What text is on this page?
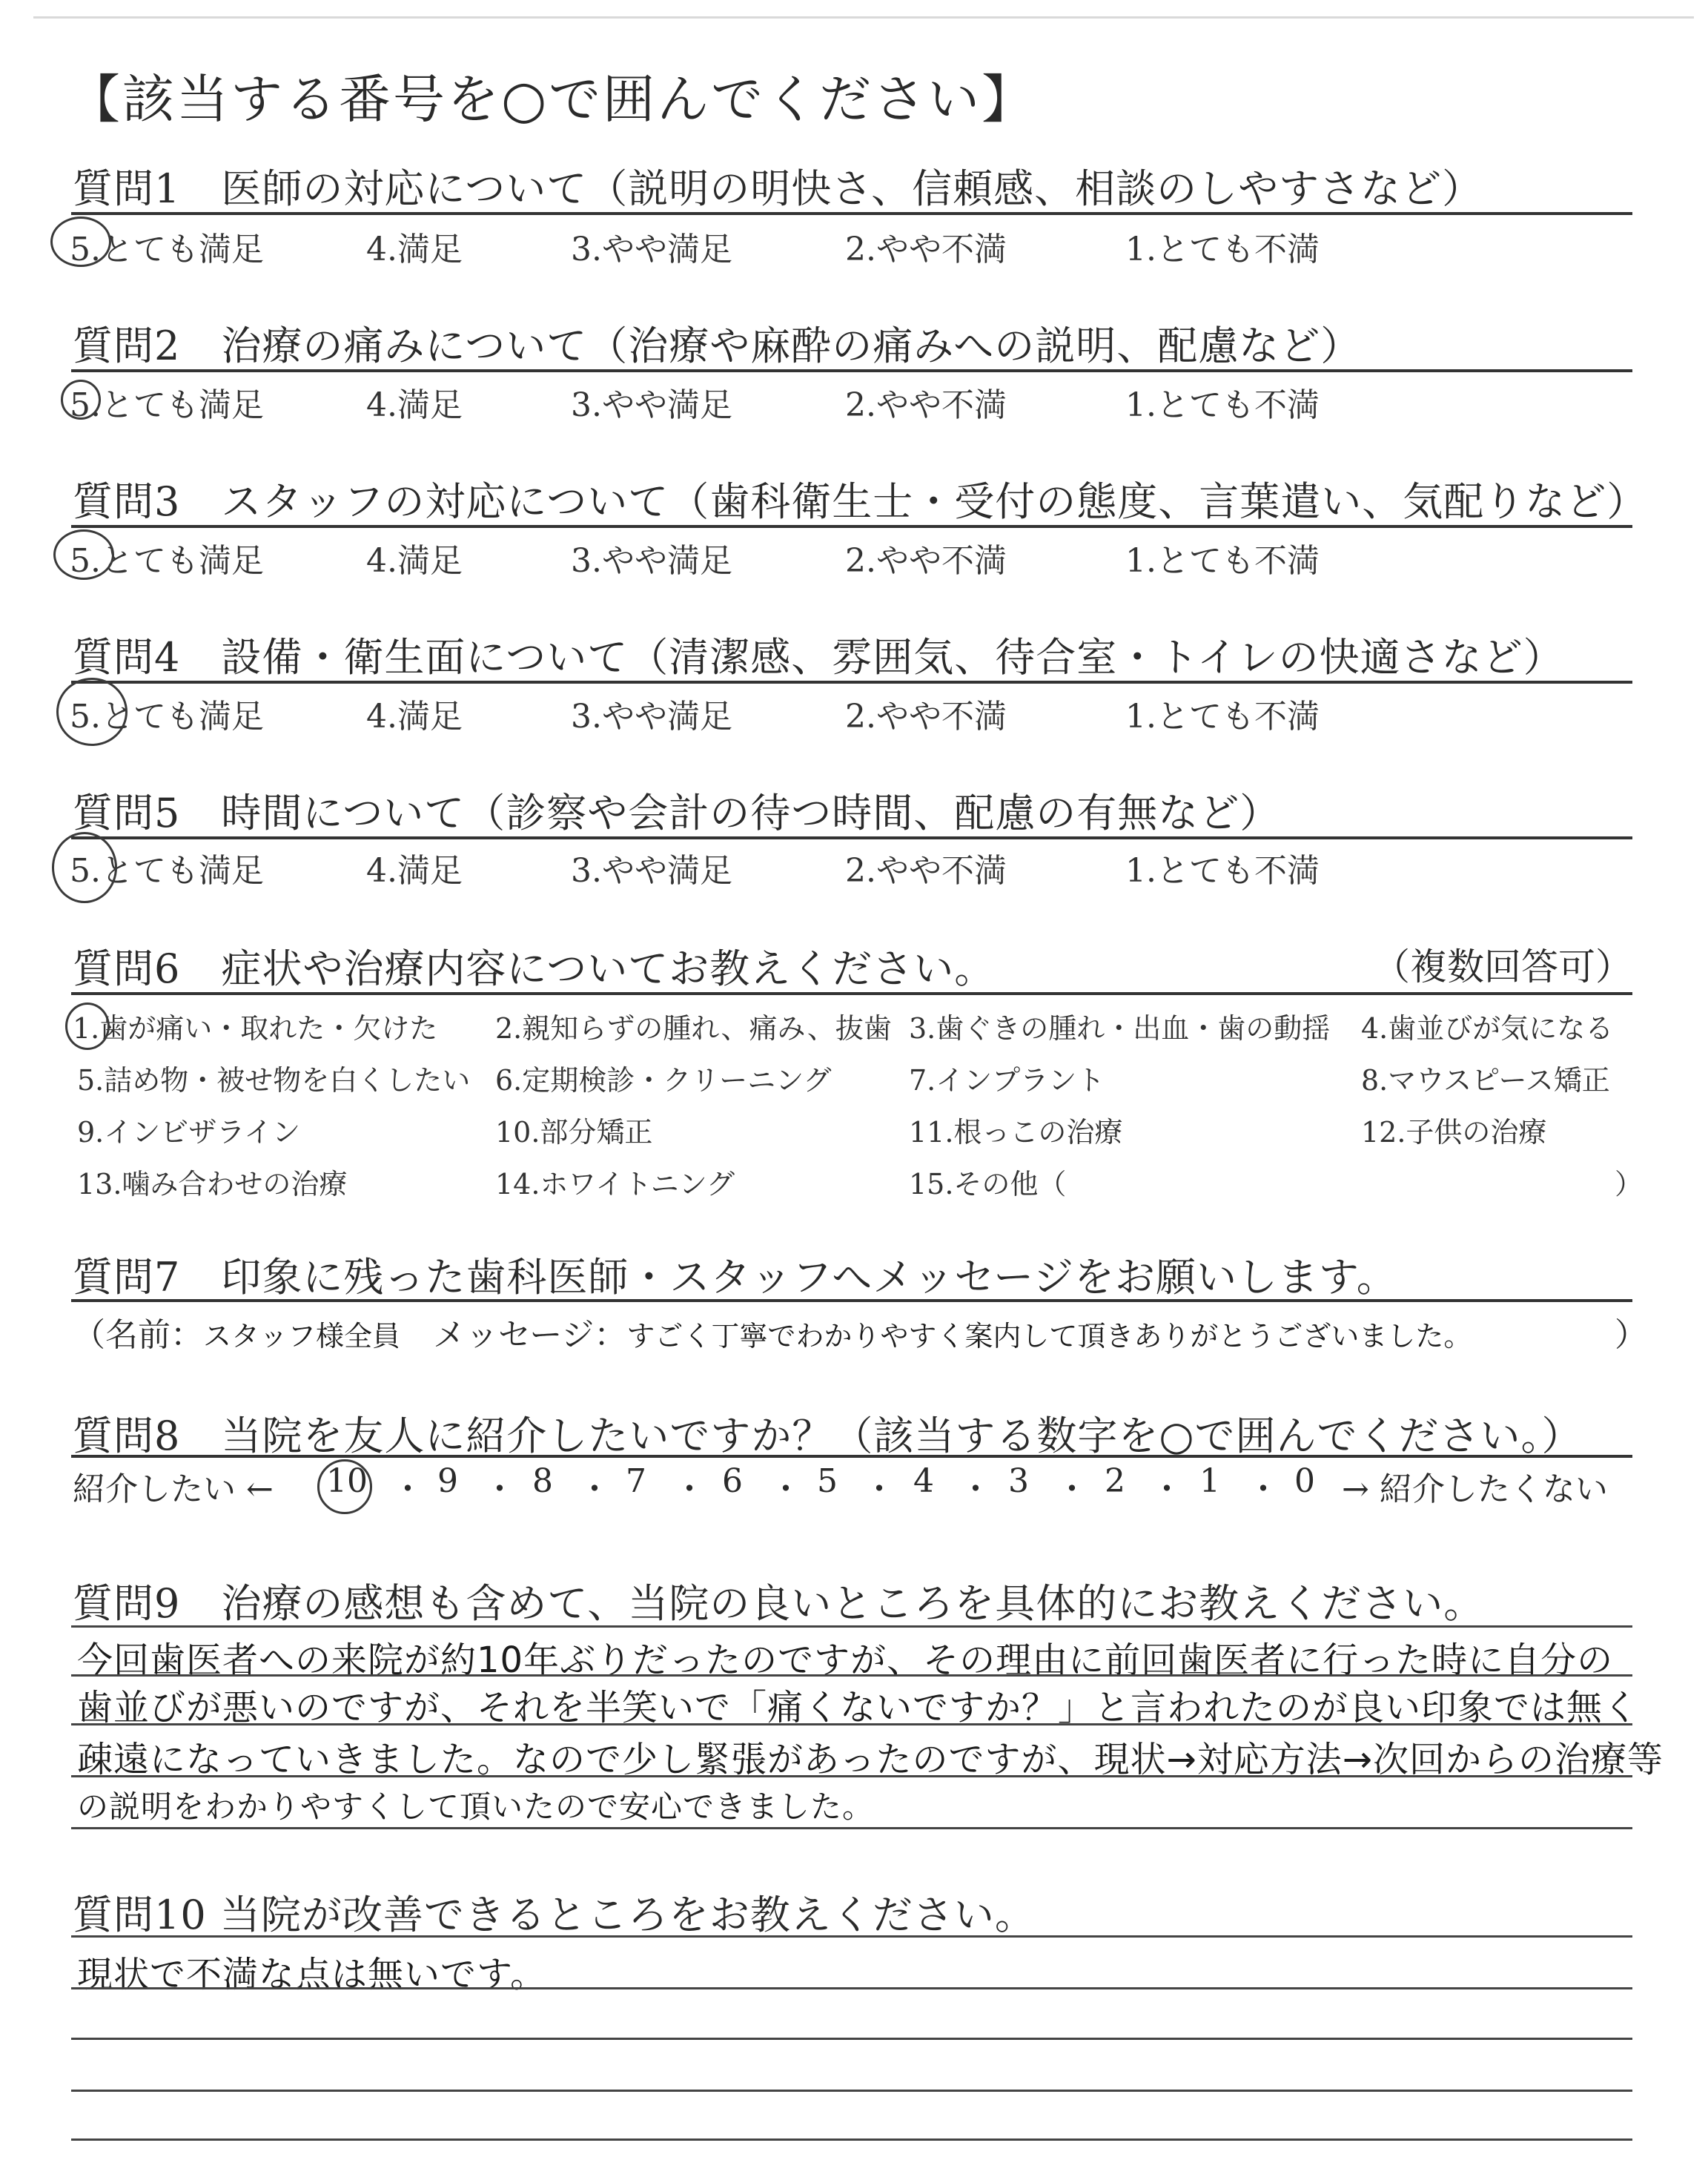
【該当する番号を○で囲んでください】
質問1　医師の対応について（説明の明快さ、信頼感、相談のしやすさなど）
5.とても満足	4.満足	3.やや満足	2.やや不満	1.とても不満
質問2　治療の痛みについて（治療や麻酔の痛みへの説明、配慮など）
5.とても満足	4.満足	3.やや満足	2.やや不満	1.とても不満
質問3　スタッフの対応について（歯科衛生士・受付の態度、言葉遣い、気配りなど）
5.とても満足	4.満足	3.やや満足	2.やや不満	1.とても不満
質問4　設備・衛生面について（清潔感、雰囲気、待合室・トイレの快適さなど）
5.とても満足	4.満足	3.やや満足	2.やや不満	1.とても不満
質問5　時間について（診察や会計の待つ時間、配慮の有無など）
5.とても満足	4.満足	3.やや満足	2.やや不満	1.とても不満
質問6　症状や治療内容についてお教えください。	（複数回答可）
1.歯が痛い・取れた・欠けた 2.親知らずの腫れ、痛み、抜歯 3.歯ぐきの腫れ・出血・歯の動揺 4.歯並びが気になる
5.詰め物・被せ物を白くしたい 6.定期検診・クリーニング	7.インプラント	8.マウスピース矯正
9.インビザライン	10.部分矯正	11.根っこの治療	12.子供の治療
13.噛み合わせの治療	14.ホワイトニング	15.その他（	）
質問7　印象に残った歯科医師・スタッフへメッセージをお願いします。
（名前：スタッフ様全員　 メッセージ：すごく丁寧でわかりやすく案内して頂きありがとうございました。	）
質問8　当院を友人に紹介したいですか？（該当する数字を○で囲んでください。）
紹介したい ← 10 ・ 9 ・ 8 ・ 7 ・ 6 ・ 5 ・ 4 ・ 3 ・ 2 ・ 1 ・ 0 → 紹介したくない
質問9　治療の感想も含めて、当院の良いところを具体的にお教えください。
今回歯医者への来院が約10年ぶりだったのですが、その理由に前回歯医者に行った時に自分の
歯並びが悪いのですが、それを半笑いで「痛くないですか？」と言われたのが良い印象では無く
疎遠になっていきました。なので少し緊張があったのですが、現状→対応方法→次回からの治療等
の説明をわかりやすくして頂いたので安心できました。
質問10 当院が改善できるところをお教えください。
現状で不満な点は無いです。
